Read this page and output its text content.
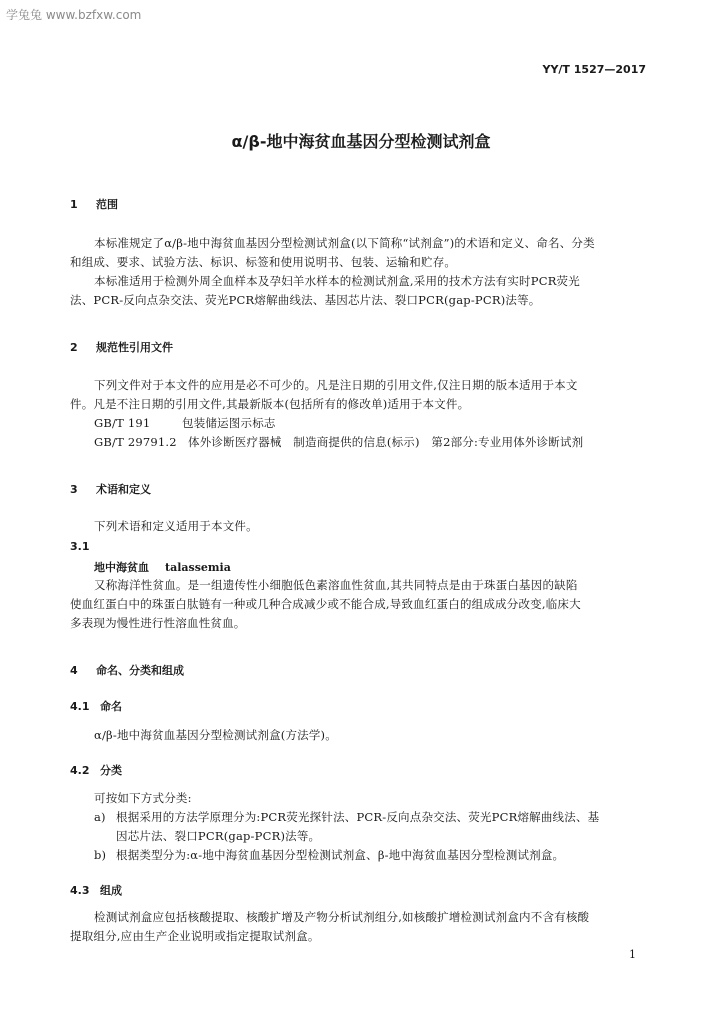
学兔兔 www.bzfxw.com
YY/T 1527—2017
α/β-地中海贫血基因分型检测试剂盒
1 范围

本标准规定了α/β-地中海贫血基因分型检测试剂盒(以下简称“试剂盒”)的术语和定义、命名、分类

和组成、要求、试验方法、标识、标签和使用说明书、包装、运输和贮存。

本标准适用于检测外周全血样本及孕妇羊水样本的检测试剂盒,采用的技术方法有实时PCR荧光

法、PCR-反向点杂交法、荧光PCR熔解曲线法、基因芯片法、裂口PCR(gap-PCR)法等。

2 规范性引用文件

下列文件对于本文件的应用是必不可少的。凡是注日期的引用文件,仅注日期的版本适用于本文

件。凡是不注日期的引用文件,其最新版本(包括所有的修改单)适用于本文件。

GB/T 191	包装储运图示标志

GB/T 29791.2 体外诊断医疗器械　制造商提供的信息(标示)　第2部分:专业用体外诊断试剂

3 术语和定义

下列术语和定义适用于本文件。

3.1
地中海贫血 talassemia

又称海洋性贫血。是一组遗传性小细胞低色素溶血性贫血,其共同特点是由于珠蛋白基因的缺陷

使血红蛋白中的珠蛋白肽链有一种或几种合成减少或不能合成,导致血红蛋白的组成成分改变,临床大

多表现为慢性进行性溶血性贫血。

4 命名、分类和组成
4.1 命名

α/β-地中海贫血基因分型检测试剂盒(方法学)。

4.2 分类

可按如下方式分类:

a) 根据采用的方法学原理分为:PCR荧光探针法、PCR-反向点杂交法、荧光PCR熔解曲线法、基

因芯片法、裂口PCR(gap-PCR)法等。

b) 根据类型分为:α-地中海贫血基因分型检测试剂盒、β-地中海贫血基因分型检测试剂盒。

4.3 组成

检测试剂盒应包括核酸提取、核酸扩增及产物分析试剂组分,如核酸扩增检测试剂盒内不含有核酸

提取组分,应由生产企业说明或指定提取试剂盒。

1
